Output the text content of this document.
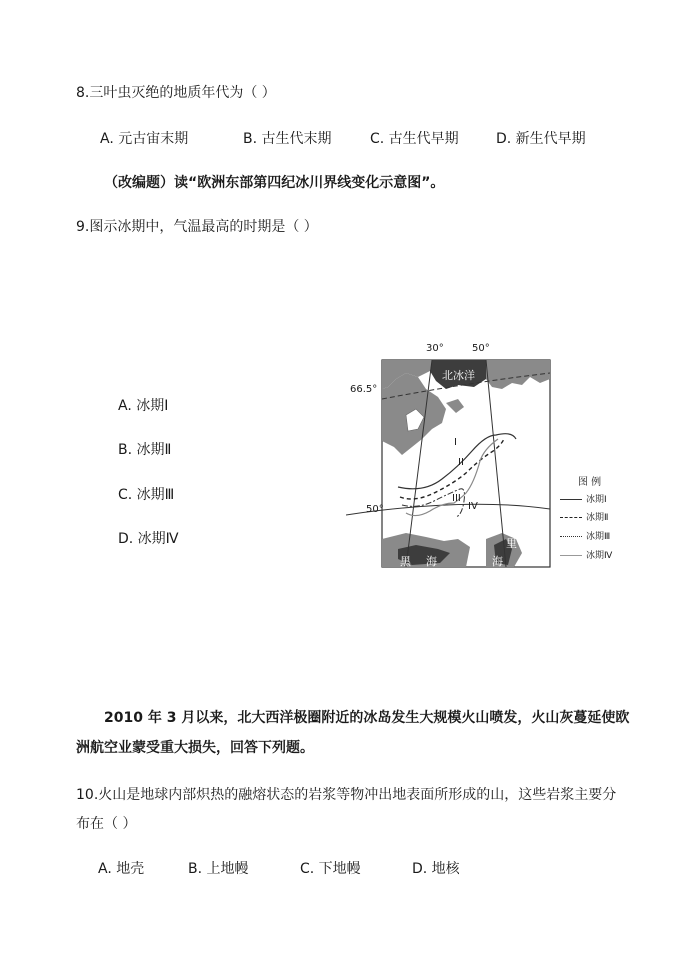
8.三叶虫灭绝的地质年代为（ ）
A. 元古宙末期	B. 古生代末期	C. 古生代早期	D. 新生代早期
（改编题）读“欧洲东部第四纪冰川界线变化示意图”。
9.图示冰期中，气温最高的时期是（ ）
A. 冰期Ⅰ
B. 冰期Ⅱ
C. 冰期Ⅲ
D. 冰期Ⅳ
30°	50°
66.5°
50°
北冰洋
黑 海
里
海
I
II
III
IV
图 例
冰期Ⅰ
冰期Ⅱ
冰期Ⅲ
冰期Ⅳ
2010 年 3 月以来，北大西洋极圈附近的冰岛发生大规模火山喷发，火山灰蔓延使欧
洲航空业蒙受重大损失，回答下列题。
10.火山是地球内部炽热的融熔状态的岩浆等物冲出地表面所形成的山，这些岩浆主要分
布在（ ）
A. 地壳	B. 上地幔	C. 下地幔	D. 地核
